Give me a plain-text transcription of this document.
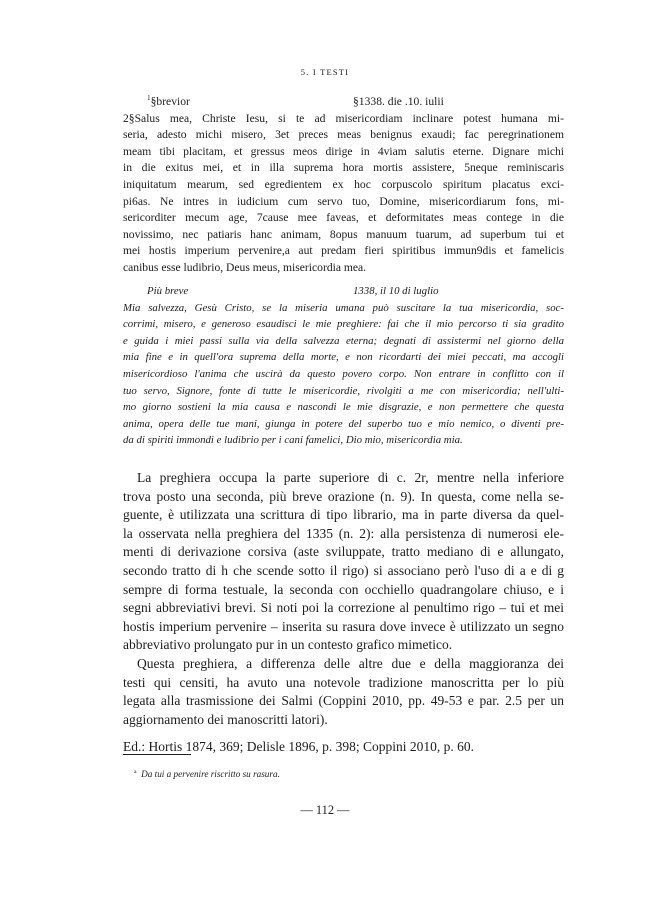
5. I TESTI
$^1$§brevior	§1338. die .10. iulii
2§Salus mea, Christe Iesu, si te ad misericordiam inclinare potest humana mi-
seria, adesto michi misero, 3et preces meas benignus exaudi; fac peregrinationem
meam tibi placitam, et gressus meos dirige in 4viam salutis eterne. Dignare michi
in die exitus mei, et in illa suprema hora mortis assistere, 5neque reminiscaris
iniquitatum mearum, sed egredientem ex hoc corpuscolo spiritum placatus exci-
pi6as. Ne intres in iudicium cum servo tuo, Domine, misericordiarum fons, mi-
sericorditer mecum age, 7cause mee faveas, et deformitates meas contege in die
novissimo, nec patiaris hanc animam, 8opus manuum tuarum, ad superbum tui et
mei hostis imperium pervenire,a aut predam fieri spiritibus immun9dis et famelicis
canibus esse ludibrio, Deus meus, misericordia mea.
Più breve	1338, il 10 di luglio
Mia salvezza, Gesù Cristo, se la miseria umana può suscitare la tua misericordia, soc-
corrimi, misero, e generoso esaudisci le mie preghiere: fai che il mio percorso ti sia gradito
e guida i miei passi sulla via della salvezza eterna; degnati di assistermi nel giorno della
mia fine e in quell'ora suprema della morte, e non ricordarti dei miei peccati, ma accogli
misericordioso l'anima che uscirà da questo povero corpo. Non entrare in conflitto con il
tuo servo, Signore, fonte di tutte le misericordie, rivolgiti a me con misericordia; nell'ulti-
mo giorno sostieni la mia causa e nascondi le mie disgrazie, e non permettere che questa
anima, opera delle tue mani, giunga in potere del superbo tuo e mio nemico, o diventi pre-
da di spiriti immondi e ludibrio per i cani famelici, Dio mio, misericordia mia.
La preghiera occupa la parte superiore di c. 2r, mentre nella inferiore
trova posto una seconda, più breve orazione (n. 9). In questa, come nella se-
guente, è utilizzata una scrittura di tipo librario, ma in parte diversa da quel-
la osservata nella preghiera del 1335 (n. 2): alla persistenza di numerosi ele-
menti di derivazione corsiva (aste sviluppate, tratto mediano di e allungato,
secondo tratto di h che scende sotto il rigo) si associano però l'uso di a e di g
sempre di forma testuale, la seconda con occhiello quadrangolare chiuso, e i
segni abbreviativi brevi. Si noti poi la correzione al penultimo rigo – tui et mei
hostis imperium pervenire – inserita su rasura dove invece è utilizzato un segno
abbreviativo prolungato pur in un contesto grafico mimetico.
Questa preghiera, a differenza delle altre due e della maggioranza dei
testi qui censiti, ha avuto una notevole tradizione manoscritta per lo più
legata alla trasmissione dei Salmi (Coppini 2010, pp. 49-53 e par. 2.5 per un
aggiornamento dei manoscritti latori).
Ed.: Hortis 1874, 369; Delisle 1896, p. 398; Coppini 2010, p. 60.
$^a$ Da tui a pervenire riscritto su rasura.
— 112 —
